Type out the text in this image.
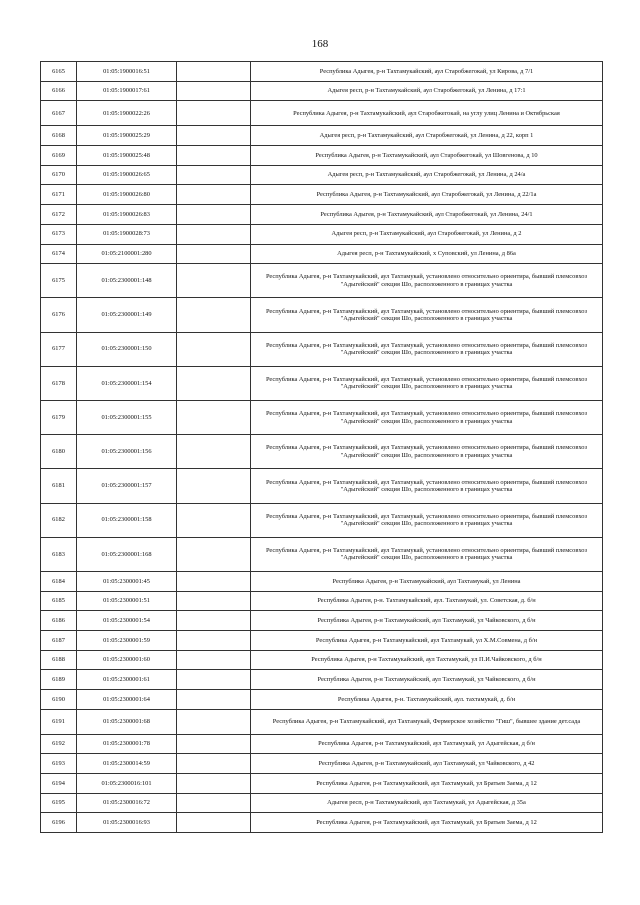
168
6165	01:05:1900016:51		Республика Адыгея, р-н Тахтамукайский, аул Старобжегокай, ул Кирова, д 7/1
6166	01:05:1900017:61		Адыгея респ, р-н Тахтамукайский, аул Старобжегокай, ул Ленина, д 17:1
6167	01:05:1900022:26		Республика Адыгея, р-н Тахтамукайский, аул Старобжегокай, на углу улиц Ленина и Октябрьская
6168	01:05:1900025:29		Адыгея респ, р-н Тахтамукайский, аул Старобжегокай, ул Ленина, д 22, корп 1
6169	01:05:1900025:48		Республика Адыгея, р-н Тахтамукайский, аул Старобжегокай, ул Шовгенова, д 10
6170	01:05:1900026:65		Адыгея респ, р-н Тахтамукайский, аул Старобжегокай, ул Ленина, д 24/а
6171	01:05:1900026:80		Республика Адыгея, р-н Тахтамукайский, аул Старобжегокай, ул Ленина, д 22/1а
6172	01:05:1900026:83		Республика Адыгея, р-н Тахтамукайский, аул Старобжегокай, ул Ленина, 24/1
6173	01:05:1900028:73		Адыгея респ, р-н Тахтамукайский, аул Старобжегокай, ул Ленина, д 2
6174	01:05:2100001:280		Адыгея респ, р-н Тахтамукайский, х Суповский, ул Ленина, д 86а
6175	01:05:2300001:148		Республика Адыгея, р-н Тахтамукайский, аул Тахтамукай, установлено относительно ориентира, бывший племсовхоз "Адыгейский" секция Шо, расположенного в границах участка
6176	01:05:2300001:149		Республика Адыгея, р-н Тахтамукайский, аул Тахтамукай, установлено относительно ориентира, бывший племсовхоз "Адыгейский" секция Шо, расположенного в границах участка
6177	01:05:2300001:150		Республика Адыгея, р-н Тахтамукайский, аул Тахтамукай, установлено относительно ориентира, бывший племсовхоз "Адыгейский" секция Шо, расположенного в границах участка
6178	01:05:2300001:154		Республика Адыгея, р-н Тахтамукайский, аул Тахтамукай, установлено относительно ориентира, бывший племсовхоз "Адыгейский" секция Шо, расположенного в границах участка
6179	01:05:2300001:155		Республика Адыгея, р-н Тахтамукайский, аул Тахтамукай, установлено относительно ориентира, бывший племсовхоз "Адыгейский" секция Шо, расположенного в границах участка
6180	01:05:2300001:156		Республика Адыгея, р-н Тахтамукайский, аул Тахтамукай, установлено относительно ориентира, бывший племсовхоз "Адыгейский" секция Шо, расположенного в границах участка
6181	01:05:2300001:157		Республика Адыгея, р-н Тахтамукайский, аул Тахтамукай, установлено относительно ориентира, бывший племсовхоз "Адыгейский" секция Шо, расположенного в границах участка
6182	01:05:2300001:158		Республика Адыгея, р-н Тахтамукайский, аул Тахтамукай, установлено относительно ориентира, бывший племсовхоз "Адыгейский" секция Шо, расположенного в границах участка
6183	01:05:2300001:168		Республика Адыгея, р-н Тахтамукайский, аул Тахтамукай, установлено относительно ориентира, бывший племсовхоз "Адыгейский" секция Шо, расположенного в границах участка
6184	01:05:2300001:45		Республика Адыгея, р-н Тахтамукайский, аул Тахтамукай, ул Ленина
6185	01:05:2300001:51		Республика Адыгея, р-н. Тахтамукайский, аул. Тахтамукай, ул. Советская, д. б/н
6186	01:05:2300001:54		Республика Адыгея, р-н Тахтамукайский, аул Тахтамукай, ул Чайковского, д б/н
6187	01:05:2300001:59		Республика Адыгея, р-н Тахтамукайский, аул Тахтамукай, ул Х.М.Совмена, д б/н
6188	01:05:2300001:60		Республика Адыгея, р-н Тахтамукайский, аул Тахтамукай, ул П.И.Чайковского, д б/н
6189	01:05:2300001:61		Республика Адыгея, р-н Тахтамукайский, аул Тахтамукай, ул Чайковского, д б/н
6190	01:05:2300001:64		Республика Адыгея, р-н. Тахтамукайский, аул. тахтамукай, д. б/н
6191	01:05:2300001:68		Республика Адыгея, р-н Тахтамукайский, аул Тахтамукай, Фермерское хозяйство "Гиш", бывшее здание дет.сада
6192	01:05:2300001:78		Республика Адыгея, р-н Тахтамукайский, аул Тахтамукай, ул Адыгейская, д б/н
6193	01:05:2300014:59		Республика Адыгея, р-н Тахтамукайский, аул Тахтамукай, ул Чайковского, д 42
6194	01:05:2300016:101		Республика Адыгея, р-н Тахтамукайский, аул Тахтамукай, ул Братьев Заема, д 12
6195	01:05:2300016:72		Адыгея респ, р-н Тахтамукайский, аул Тахтамукай, ул Адыгейская, д 35а
6196	01:05:2300016:93		Республика Адыгея, р-н Тахтамукайский, аул Тахтамукай, ул Братьев Заема, д 12
